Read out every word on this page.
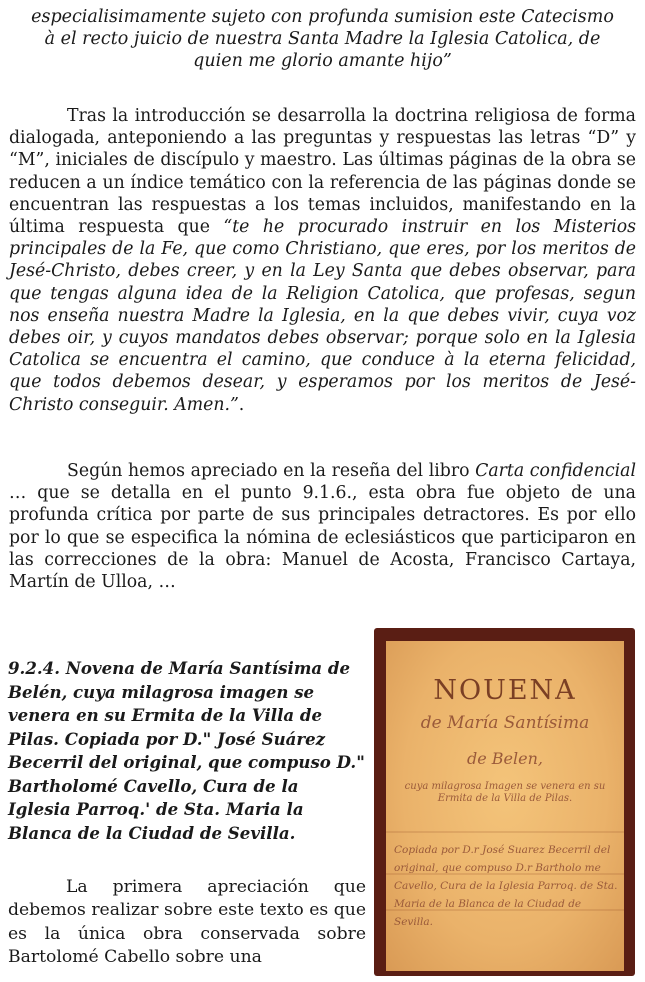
especialisimamente sujeto con profunda sumision este Catecismo
à el recto juicio de nuestra Santa Madre la Iglesia Catolica, de
quien me glorio amante hijo”

Tras la introducción se desarrolla la doctrina religiosa de forma dialogada, anteponiendo a las preguntas y respuestas las letras “D” y “M”, iniciales de discípulo y maestro. Las últimas páginas de la obra se reducen a un índice temático con la referencia de las páginas donde se encuentran las respuestas a los temas incluidos, manifestando en la última respuesta que “te he procurado instruir en los Misterios principales de la Fe, que como Christiano, que eres, por los meritos de Jesé-Christo, debes creer, y en la Ley Santa que debes observar, para que tengas alguna idea de la Religion Catolica, que profesas, segun nos enseña nuestra Madre la Iglesia, en la que debes vivir, cuya voz debes oir, y cuyos mandatos debes observar; porque solo en la Iglesia Catolica se encuentra el camino, que conduce à la eterna felicidad, que todos debemos desear, y esperamos por los meritos de Jesé-Christo conseguir. Amen.”.

Según hemos apreciado en la reseña del libro Carta confidencial … que se detalla en el punto 9.1.6., esta obra fue objeto de una profunda crítica por parte de sus principales detractores. Es por ello por lo que se especifica la nómina de eclesiásticos que participaron en las correcciones de la obra: Manuel de Acosta, Francisco Cartaya, Martín de Ulloa, …

9.2.4. Novena de María Santísima de Belén, cuya milagrosa imagen se venera en su Ermita de la Villa de Pilas. Copiada por D." José Suárez Becerril del original, que compuso D." Bartholomé Cavello, Cura de la Iglesia Parroq.' de Sta. Maria la Blanca de la Ciudad de Sevilla.

La primera apreciación que debemos realizar sobre este texto es que es la única obra conservada sobre Bartolomé Cabello sobre una

NOUENA
de María Santísima
de Belen,
cuya milagrosa Imagen se venera en su Ermita de la Villa de Pilas.
Copiada por D.r José Suarez Becerril del original, que compuso D.r Bartholo me Cavello, Cura de la Iglesia Parroq. de Sta. Maria de la Blanca de la Ciudad de Sevilla.
